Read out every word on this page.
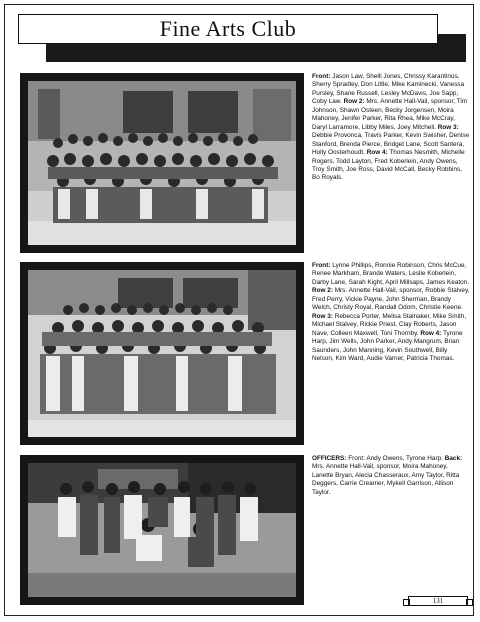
Fine Arts Club
Front: Jason Law, Shelli Jones, Chrissy Karantinos, Sherry Spradley, Don Little, Mike Kaminecki, Vanessa Pursley, Shane Russell, Lesley McDavis, Joe Sapp, Coby Law. Row 2: Mrs. Annette Hall-Vail, sponsor, Tim Johnson, Shawn Osteen, Becky Jorgensen, Moira Mahoney, Jenifer Parker, Rita Rhea, Mike McCray, Daryl Larramore, Libby Miles, Joey Mitchell. Row 3: Debbie Provonca, Travis Parker, Kevin Swisher, Denise Stanford, Brenda Pierce, Bridget Lane, Scott Santera, Holly Oosterhoudt. Row 4: Thomas Nesmith, Michelle Rogers, Todd Layton, Fred Koberlein, Andy Owens, Troy Smith, Joe Ross, David McCall, Becky Robbins, Bo Royals.
Front: Lynne Phillips, Ronnie Robinson, Chris McCue, Renee Markham, Brande Waters, Leslie Koberlein, Darby Lane, Sarah Kight, April Millsaps, James Keaton. Row 2: Mrs. Annette Hall-Vail, sponsor, Robbie Stalvey, Fred Perry, Vickie Payne, John Sherman, Brandy Welch, Christy Royal, Randall Odom, Christie Keene. Row 3: Rebecca Porter, Melisa Stalnaker, Mike Smith, Michael Stalvey, Rickie Priest, Clay Roberts, Jason Nave, Colleen Maxwell, Toni Thornby. Row 4: Tyrone Harp, Jim Wells, John Parker, Andy Mangrum, Brian Saunders, John Manning, Kevin Southwell, Billy Nelson, Kim Ward, Audie Varner, Patricia Thomas.
OFFICERS: Front: Andy Owens, Tyrone Harp. Back: Mrs. Annette Hall-Vail, sponsor, Moira Mahoney, Lanette Bryan, Alecia Chasseraux, Amy Taylor, Ritta Deggers, Carrie Creamer, Mykell Garrison, Allison Taylor.
131
